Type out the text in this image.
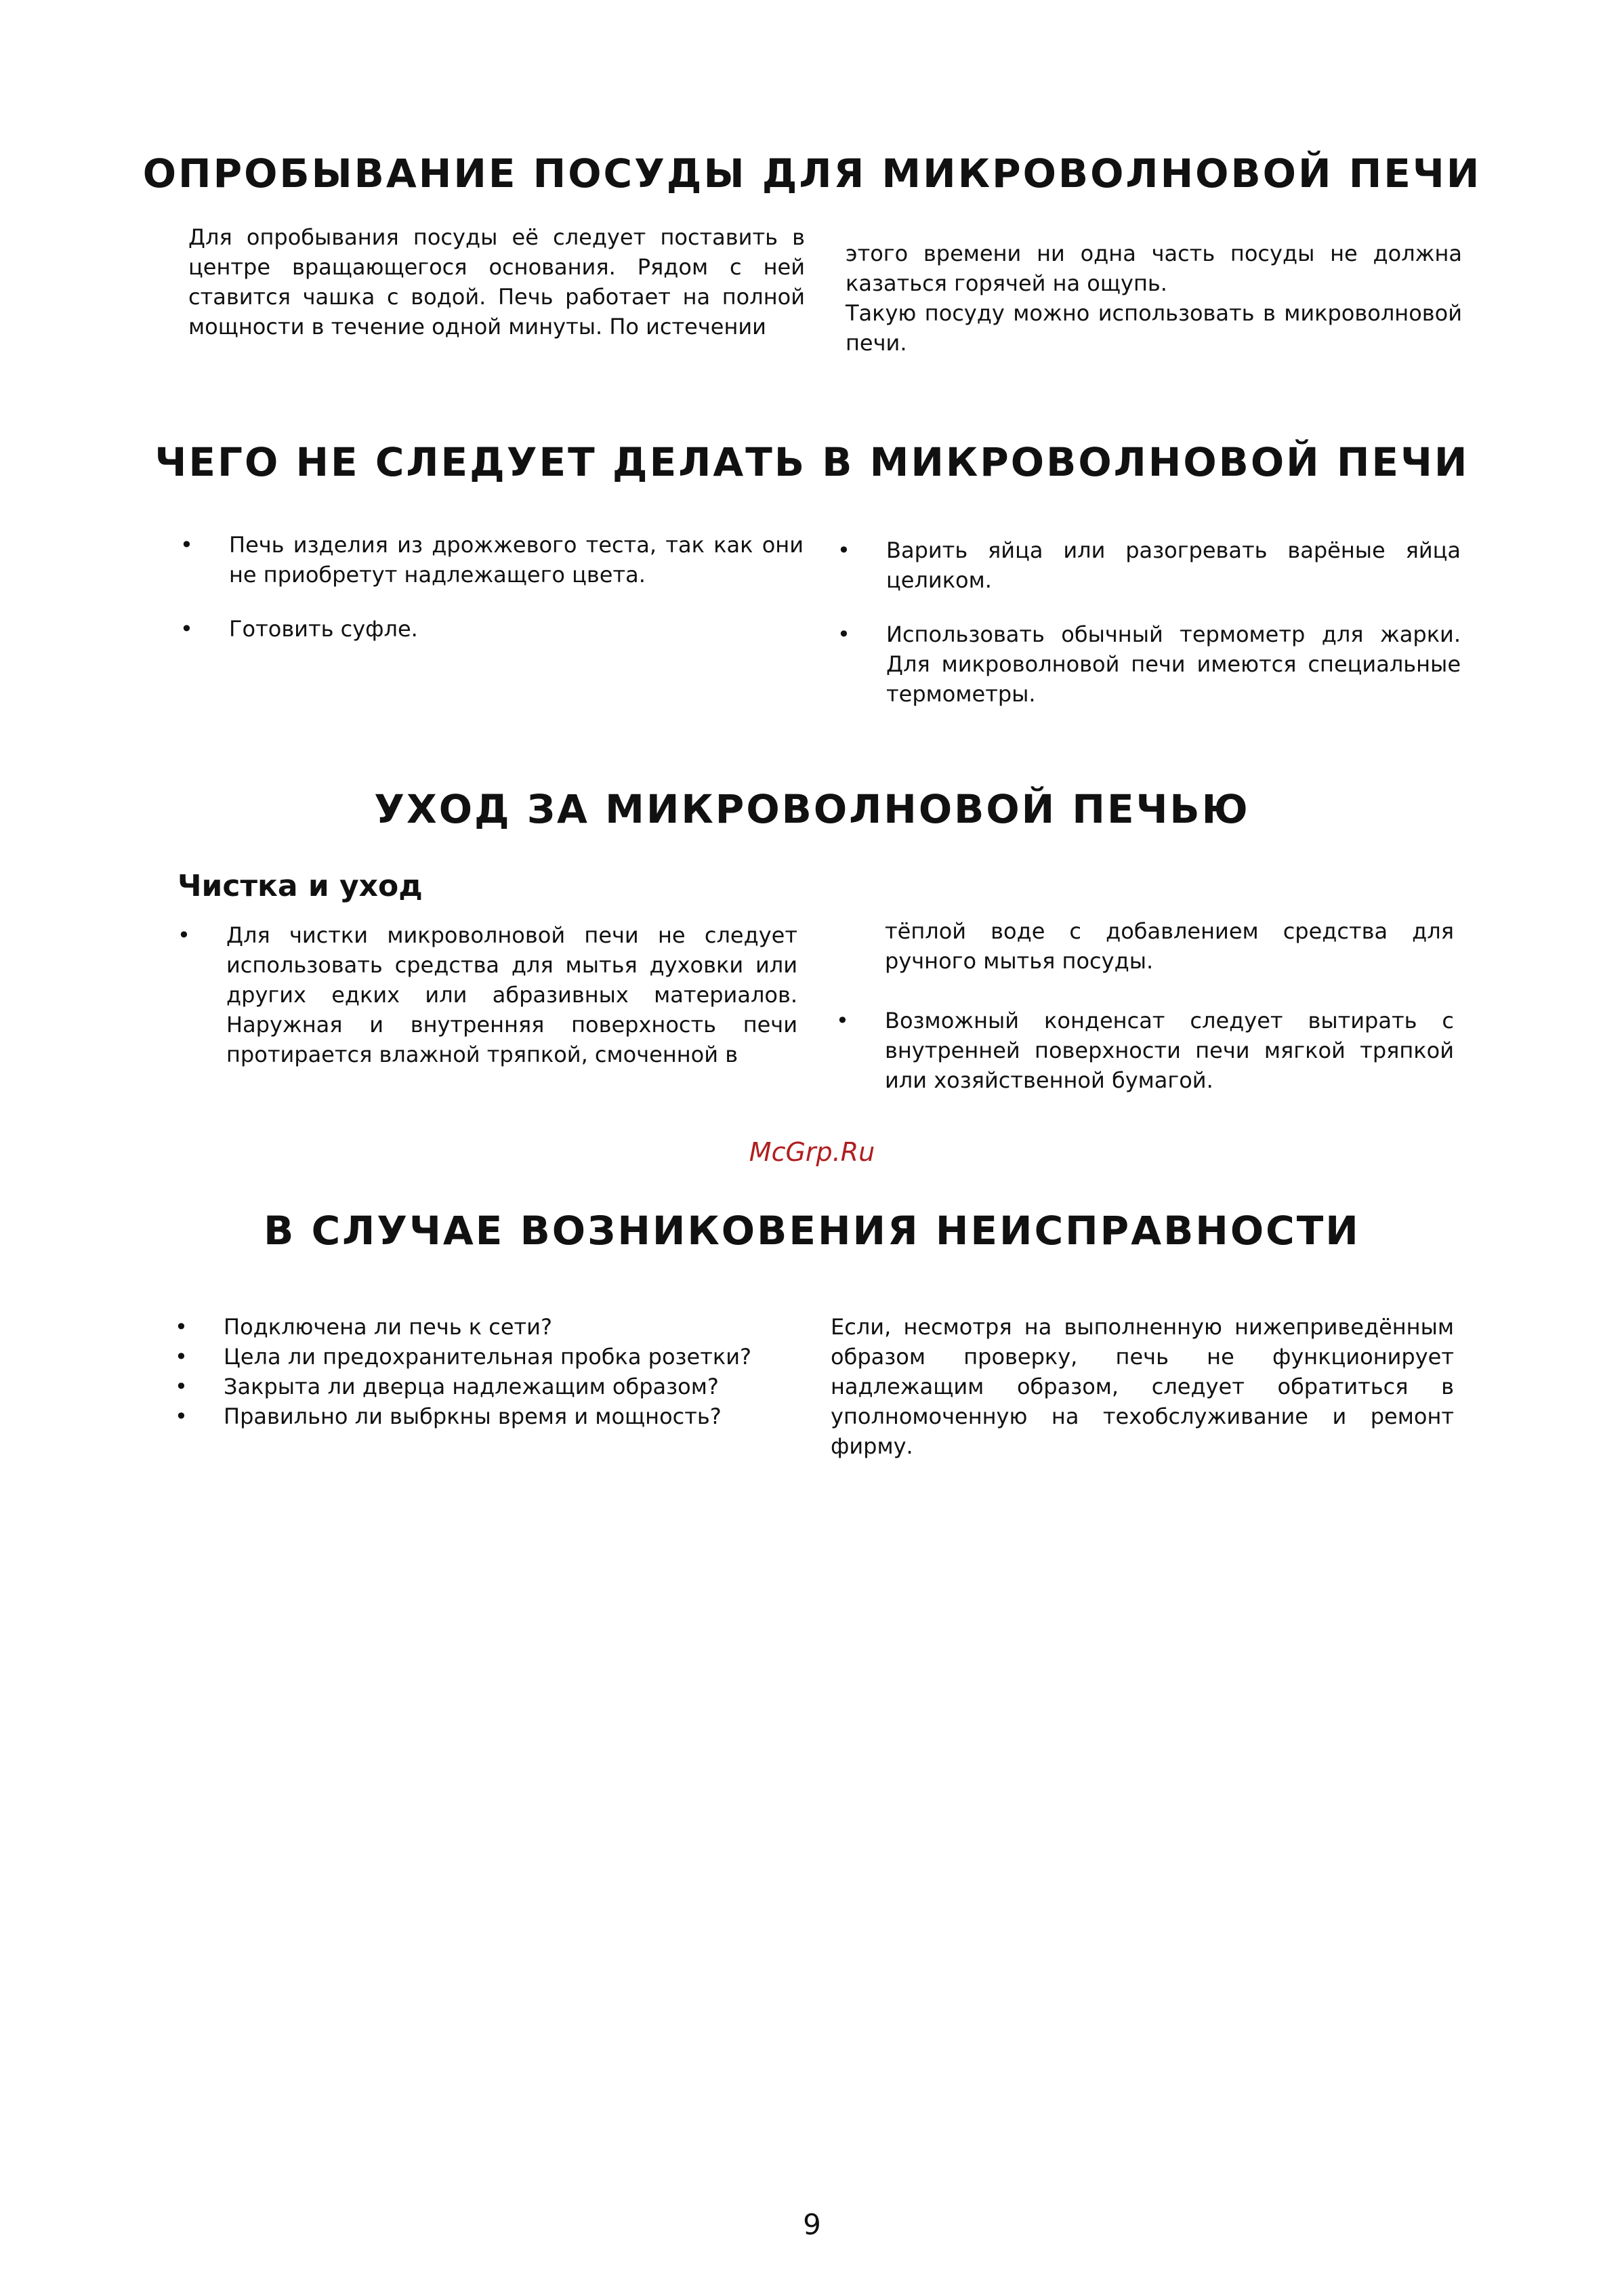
ОПРОБЫВАНИЕ ПОСУДЫ ДЛЯ МИКРОВОЛНОВОЙ ПЕЧИ

Для опробывания посуды её следует поставить в центре вращающегося основания. Рядом с ней ставится чашка с водой. Печь работает на полной мощности в течение одной минуты. По истечении

этого времени ни одна часть посуды не должна казаться горячей на ощупь.

Такую посуду можно использовать в микроволновой печи.

ЧЕГО НЕ СЛЕДУЕТ ДЕЛАТЬ В МИКРОВОЛНОВОЙ ПЕЧИ
• Печь изделия из дрожжевого теста, так как они не приобретут надлежащего цвета.
• Готовить суфле.
• Варить яйца или разогревать варёные яйца целиком.
• Использовать обычный термометр для жарки. Для микроволновой печи имеются специальные термометры.
УХОД ЗА МИКРОВОЛНОВОЙ ПЕЧЬЮ
Чистка и уход
• Для чистки микроволновой печи не следует использовать средства для мытья духовки или других едких или абразивных материалов. Наружная и внутренняя поверхность печи протирается влажной тряпкой, смоченной в

тёплой воде с добавлением средства для ручного мытья посуды.

• Возможный конденсат следует вытирать с внутренней поверхности печи мягкой тряпкой или хозяйственной бумагой.
McGrp.Ru
В СЛУЧАЕ ВОЗНИКОВЕНИЯ НЕИСПРАВНОСТИ
• Подключена ли печь к сети?
• Цела ли предохранительная пробка розетки?
• Закрыта ли дверца надлежащим образом?
• Правильно ли выбркны время и мощность?

Если, несмотря на выполненную нижеприведённым образом проверку, печь не функционирует надлежащим образом, следует обратиться в уполномоченную на техобслуживание и ремонт фирму.

9
